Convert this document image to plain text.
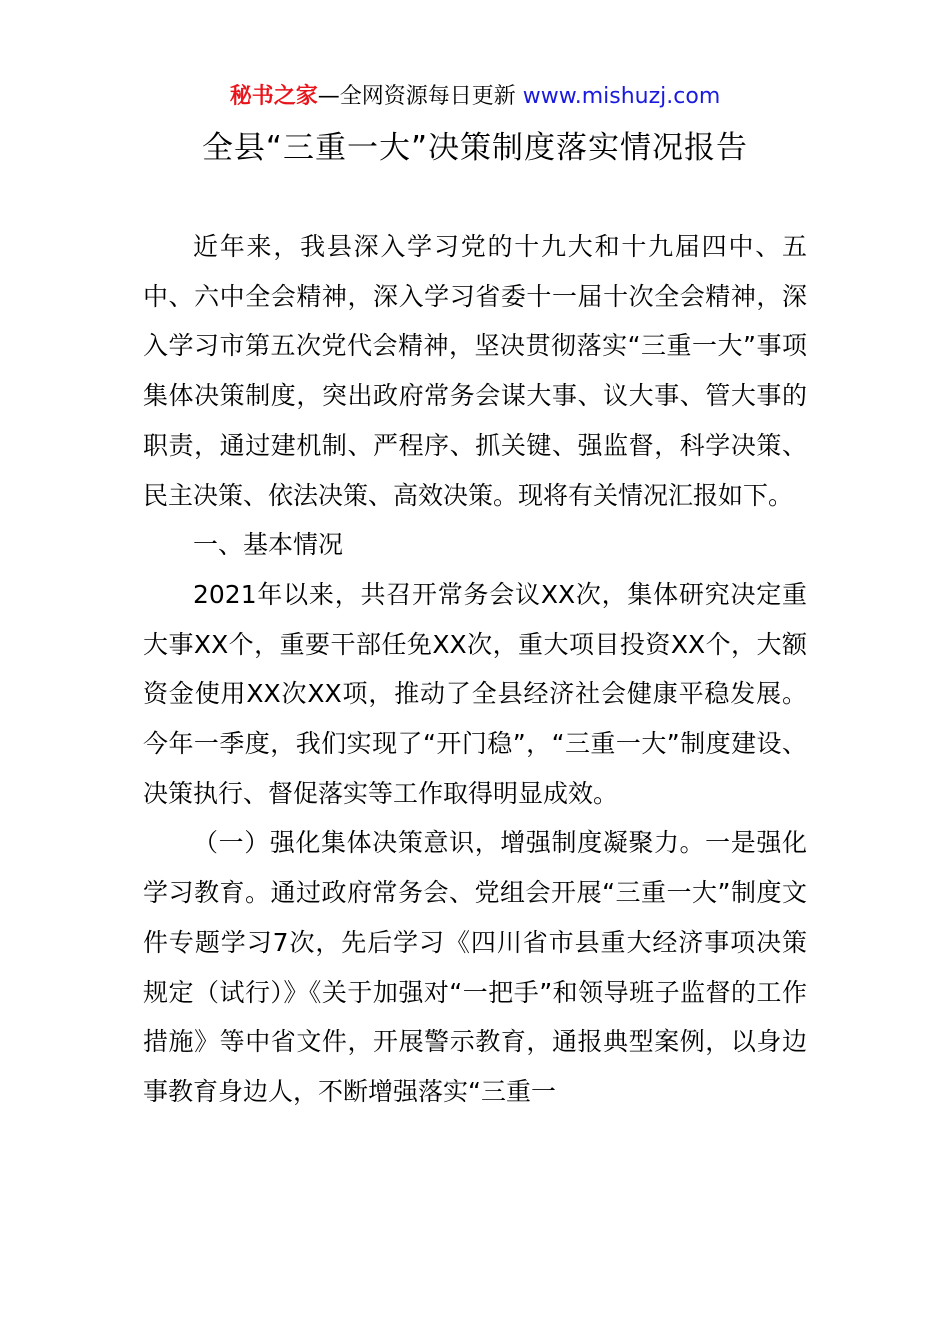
秘书之家—全网资源每日更新 www.mishuzj.com
全县“三重一大”决策制度落实情况报告

近年来，我县深入学习党的十九大和十九届四中、五中、六中全会精神，深入学习省委十一届十次全会精神，深入学习市第五次党代会精神，坚决贯彻落实“三重一大”事项集体决策制度，突出政府常务会谋大事、议大事、管大事的职责，通过建机制、严程序、抓关键、强监督，科学决策、民主决策、依法决策、高效决策。现将有关情况汇报如下。

一、基本情况

2021年以来，共召开常务会议XX次，集体研究决定重大事XX个，重要干部任免XX次，重大项目投资XX个，大额资金使用XX次XX项，推动了全县经济社会健康平稳发展。今年一季度，我们实现了“开门稳”，“三重一大”制度建设、决策执行、督促落实等工作取得明显成效。

（一）强化集体决策意识，增强制度凝聚力。一是强化学习教育。通过政府常务会、党组会开展“三重一大”制度文件专题学习7次，先后学习《四川省市县重大经济事项决策规定（试行）》《关于加强对“一把手”和领导班子监督的工作措施》等中省文件，开展警示教育，通报典型案例，以身边事教育身边人，不断增强落实“三重一
